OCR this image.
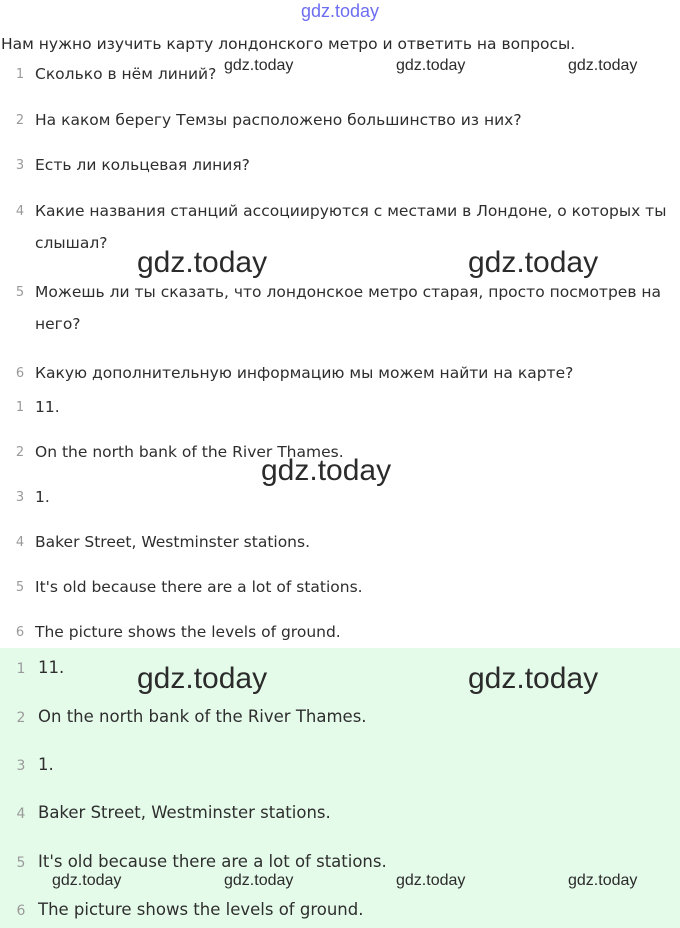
gdz.today
Нам нужно изучить карту лондонского метро и ответить на вопросы.
1 Сколько в нём линий?
2 На каком берегу Темзы расположено большинство из них?
3 Есть ли кольцевая линия?
4 Какие названия станций ассоциируются с местами в Лондоне, о которых ты слышал?
5 Можешь ли ты сказать, что лондонское метро старая, просто посмотрев на него?
6 Какую дополнительную информацию мы можем найти на карте?
1 11.
2 On the north bank of the River Thames.
3 1.
4 Baker Street, Westminster stations.
5 It's old because there are a lot of stations.
6 The picture shows the levels of ground.
1 11.
2 On the north bank of the River Thames.
3 1.
4 Baker Street, Westminster stations.
5 It's old because there are a lot of stations.
6 The picture shows the levels of ground.
gdz.today	gdz.today	gdz.today
gdz.today	gdz.today
gdz.today
gdz.today	gdz.today
gdz.today	gdz.today	gdz.today	gdz.today
